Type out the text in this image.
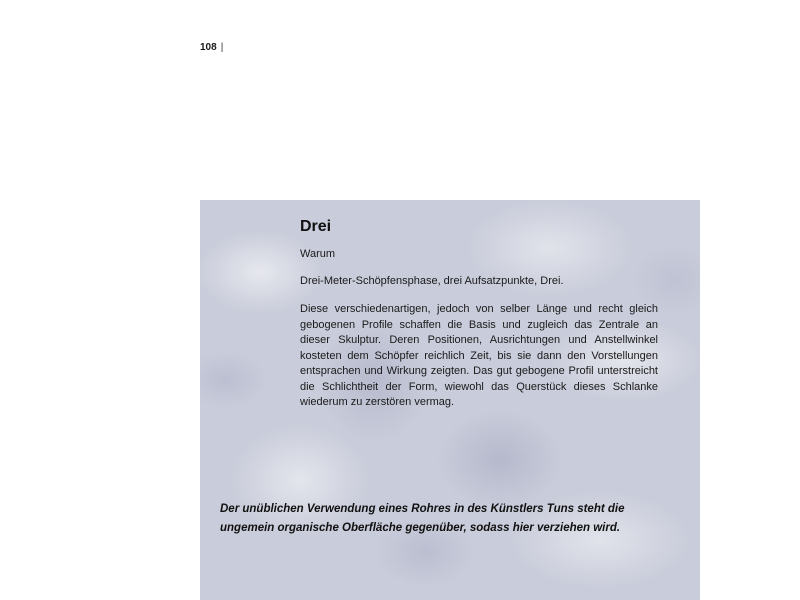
108 |
Drei

Warum

Drei-Meter-Schöpfensphase, drei Aufsatzpunkte, Drei.

Diese verschiedenartigen, jedoch von selber Länge und recht gleich gebogenen Profile schaffen die Basis und zugleich das Zentrale an dieser Skulptur. Deren Positionen, Ausrichtungen und Anstellwinkel kosteten dem Schöpfer reichlich Zeit, bis sie dann den Vorstellungen entsprachen und Wirkung zeigten. Das gut gebogene Profil unterstreicht die Schlichtheit der Form, wiewohl das Querstück dieses Schlanke wiederum zu zerstören vermag.

Der unüblichen Verwendung eines Rohres in des Künstlers Tuns steht die ungemein organische Oberfläche gegenüber, sodass hier verziehen wird.
